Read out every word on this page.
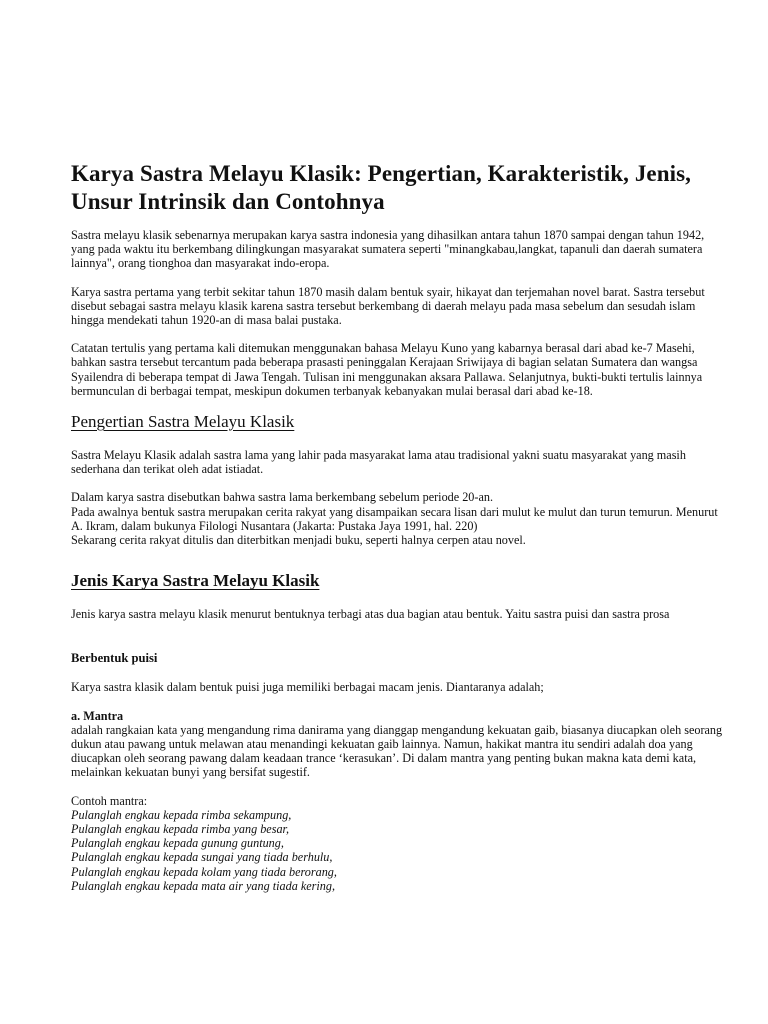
Karya Sastra Melayu Klasik: Pengertian, Karakteristik, Jenis, Unsur Intrinsik dan Contohnya

Sastra melayu klasik sebenarnya merupakan karya sastra indonesia yang dihasilkan antara tahun 1870 sampai dengan tahun 1942, yang pada waktu itu berkembang dilingkungan masyarakat sumatera seperti "minangkabau,langkat, tapanuli dan daerah sumatera lainnya", orang tionghoa dan masyarakat indo-eropa.

Karya sastra pertama yang terbit sekitar tahun 1870 masih dalam bentuk syair, hikayat dan terjemahan novel barat. Sastra tersebut disebut sebagai sastra melayu klasik karena sastra tersebut berkembang di daerah melayu pada masa sebelum dan sesudah islam hingga mendekati tahun 1920-an di masa balai pustaka.

Catatan tertulis yang pertama kali ditemukan menggunakan bahasa Melayu Kuno yang kabarnya berasal dari abad ke-7 Masehi, bahkan sastra tersebut tercantum pada beberapa prasasti peninggalan Kerajaan Sriwijaya di bagian selatan Sumatera dan wangsa Syailendra di beberapa tempat di Jawa Tengah. Tulisan ini menggunakan aksara Pallawa. Selanjutnya, bukti-bukti tertulis lainnya bermunculan di berbagai tempat, meskipun dokumen terbanyak kebanyakan mulai berasal dari abad ke-18.

Pengertian Sastra Melayu Klasik

Sastra Melayu Klasik adalah sastra lama yang lahir pada masyarakat lama atau tradisional yakni suatu masyarakat yang masih sederhana dan terikat oleh adat istiadat.

Dalam karya sastra disebutkan bahwa sastra lama berkembang sebelum periode 20-an.
Pada awalnya bentuk sastra merupakan cerita rakyat yang disampaikan secara lisan dari mulut ke mulut dan turun temurun. Menurut A. Ikram, dalam bukunya Filologi Nusantara (Jakarta: Pustaka Jaya 1991, hal. 220)
Sekarang cerita rakyat ditulis dan diterbitkan menjadi buku, seperti halnya cerpen atau novel.

Jenis Karya Sastra Melayu Klasik

Jenis karya sastra melayu klasik menurut bentuknya terbagi atas dua bagian atau bentuk. Yaitu sastra puisi dan sastra prosa

Berbentuk puisi

Karya sastra klasik dalam bentuk puisi juga memiliki berbagai macam jenis. Diantaranya adalah;

a. Mantra
adalah rangkaian kata yang mengandung rima danirama yang dianggap mengandung kekuatan gaib, biasanya diucapkan oleh seorang dukun atau pawang untuk melawan atau menandingi kekuatan gaib lainnya. Namun, hakikat mantra itu sendiri adalah doa yang diucapkan oleh seorang pawang dalam keadaan trance ‘kerasukan’. Di dalam mantra yang penting bukan makna kata demi kata, melainkan kekuatan bunyi yang bersifat sugestif.

Contoh mantra:
Pulanglah engkau kepada rimba sekampung,
Pulanglah engkau kepada rimba yang besar,
Pulanglah engkau kepada gunung guntung,
Pulanglah engkau kepada sungai yang tiada berhulu,
Pulanglah engkau kepada kolam yang tiada berorang,
Pulanglah engkau kepada mata air yang tiada kering,
